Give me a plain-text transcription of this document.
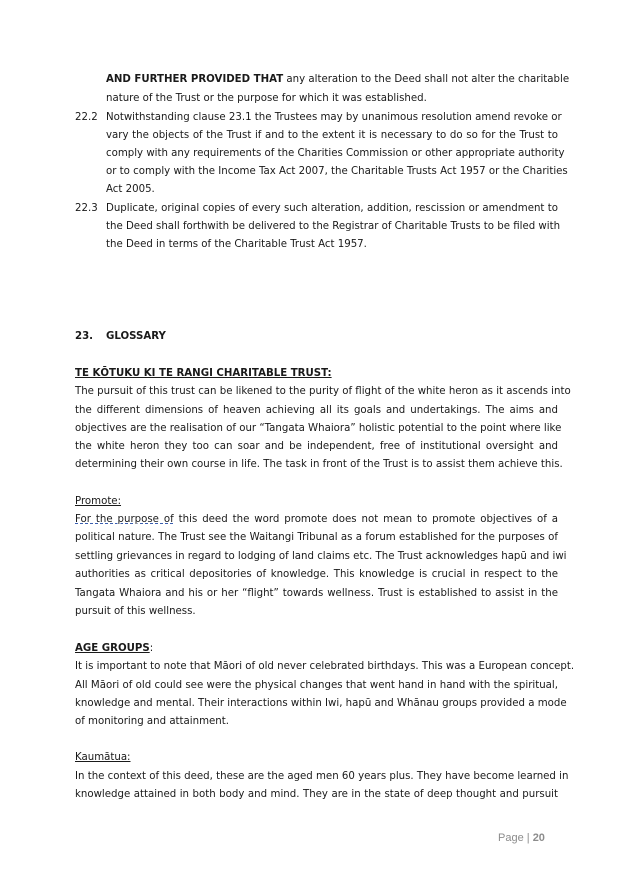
AND FURTHER PROVIDED THAT any alteration to the Deed shall not alter the charitable
nature of the Trust or the purpose for which it was established.
22.2 Notwithstanding clause 23.1 the Trustees may by unanimous resolution amend revoke or
vary the objects of the Trust if and to the extent it is necessary to do so for the Trust to
comply with any requirements of the Charities Commission or other appropriate authority
or to comply with the Income Tax Act 2007, the Charitable Trusts Act 1957 or the Charities
Act 2005.
22.3 Duplicate, original copies of every such alteration, addition, rescission or amendment to
the Deed shall forthwith be delivered to the Registrar of Charitable Trusts to be filed with
the Deed in terms of the Charitable Trust Act 1957.
23. GLOSSARY
TE KŌTUKU KI TE RANGI CHARITABLE TRUST:
The pursuit of this trust can be likened to the purity of flight of the white heron as it ascends into
the different dimensions of heaven achieving all its goals and undertakings. The aims and
objectives are the realisation of our “Tangata Whaiora” holistic potential to the point where like
the white heron they too can soar and be independent, free of institutional oversight and
determining their own course in life. The task in front of the Trust is to assist them achieve this.
Promote:
For the purpose of this deed the word promote does not mean to promote objectives of a
political nature. The Trust see the Waitangi Tribunal as a forum established for the purposes of
settling grievances in regard to lodging of land claims etc. The Trust acknowledges hapū and iwi
authorities as critical depositories of knowledge. This knowledge is crucial in respect to the
Tangata Whaiora and his or her “flight” towards wellness. Trust is established to assist in the
pursuit of this wellness.
AGE GROUPS:
It is important to note that Māori of old never celebrated birthdays. This was a European concept.
All Māori of old could see were the physical changes that went hand in hand with the spiritual,
knowledge and mental. Their interactions within Iwi, hapū and Whānau groups provided a mode
of monitoring and attainment.
Kaumātua:
In the context of this deed, these are the aged men 60 years plus. They have become learned in
knowledge attained in both body and mind. They are in the state of deep thought and pursuit
Page | 20
